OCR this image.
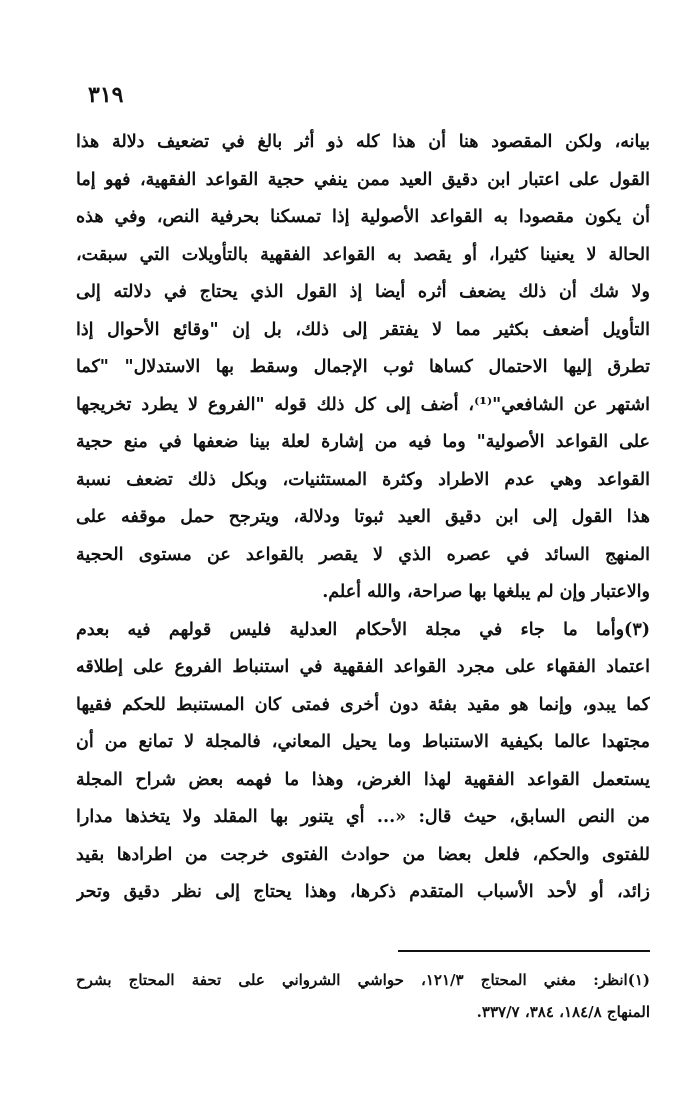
٣١٩
بيانه، ولكن المقصود هنا أن هذا كله ذو أثر بالغ في تضعيف دلالة هذا
القول على اعتبار ابن دقيق العيد ممن ينفي حجية القواعد الفقهية، فهو إما
أن يكون مقصودا به القواعد الأصولية إذا تمسكنا بحرفية النص، وفي هذه
الحالة لا يعنينا كثيرا، أو يقصد به القواعد الفقهية بالتأويلات التي سبقت،
ولا شك أن ذلك يضعف أثره أيضا إذ القول الذي يحتاج في دلالته إلى
التأويل أضعف بكثير مما لا يفتقر إلى ذلك، بل إن "وقائع الأحوال إذا
تطرق إليها الاحتمال كساها ثوب الإجمال وسقط بها الاستدلال" "كما
اشتهر عن الشافعي"⁽¹⁾، أضف إلى كل ذلك قوله "الفروع لا يطرد تخريجها
على القواعد الأصولية" وما فيه من إشارة لعلة بينا ضعفها في منع حجية
القواعد وهي عدم الاطراد وكثرة المستثنيات، وبكل ذلك تضعف نسبة
هذا القول إلى ابن دقيق العيد ثبوتا ودلالة، ويترجح حمل موقفه على
المنهج السائد في عصره الذي لا يقصر بالقواعد عن مستوى الحجية
والاعتبار وإن لم يبلغها بها صراحة، والله أعلم.
(٣)وأما ما جاء في مجلة الأحكام العدلية فليس قولهم فيه بعدم
اعتماد الفقهاء على مجرد القواعد الفقهية في استنباط الفروع على إطلاقه
كما يبدو، وإنما هو مقيد بفئة دون أخرى فمتى كان المستنبط للحكم فقيها
مجتهدا عالما بكيفية الاستنباط وما يحيل المعاني، فالمجلة لا تمانع من أن
يستعمل القواعد الفقهية لهذا الغرض، وهذا ما فهمه بعض شراح المجلة
من النص السابق، حيث قال: «... أي يتنور بها المقلد ولا يتخذها مدارا
للفتوى والحكم، فلعل بعضا من حوادث الفتوى خرجت من اطرادها بقيد
زائد، أو لأحد الأسباب المتقدم ذكرها، وهذا يحتاج إلى نظر دقيق وتحر
(١)انظر: مغني المحتاج ١٢١/٣، حواشي الشرواني على تحفة المحتاج بشرح
المنهاج ١٨٤/٨، ٣٨٤، ٣٣٧/٧.
